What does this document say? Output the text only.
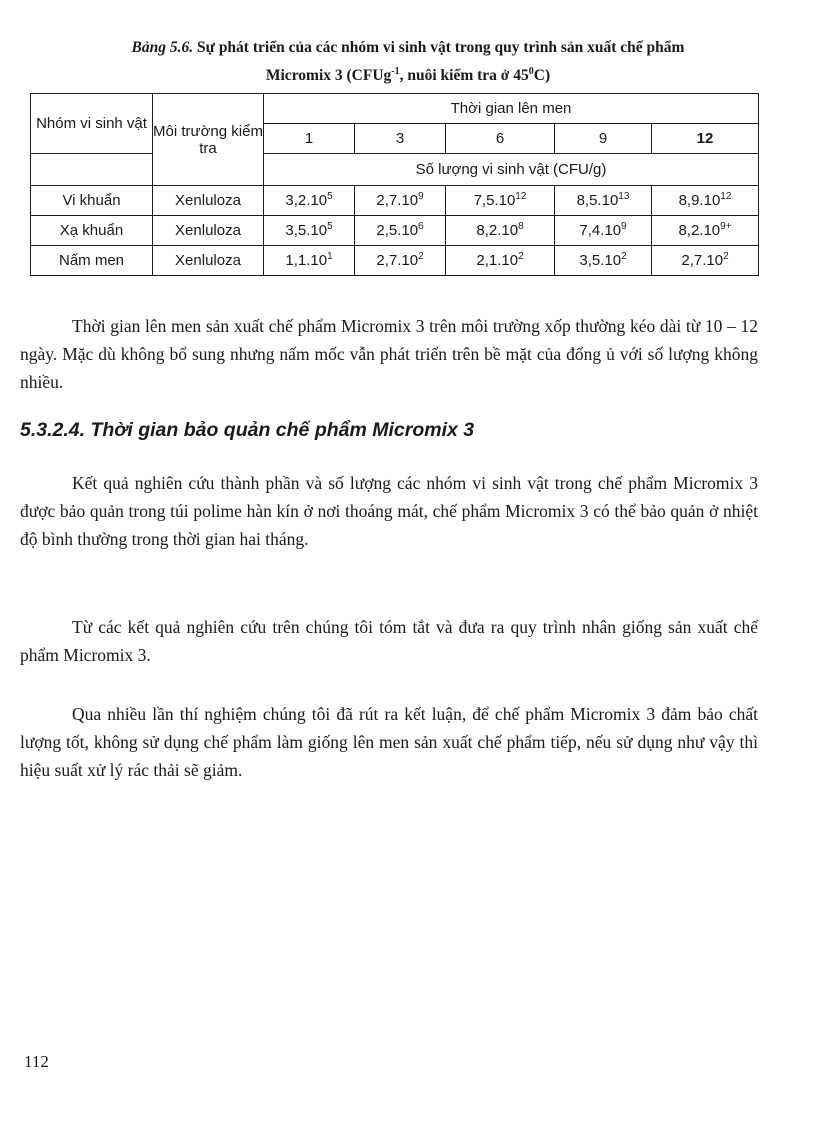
Bảng 5.6. Sự phát triển của các nhóm vi sinh vật trong quy trình sản xuất chế phẩm
Micromix 3 (CFUg$^{-1}$, nuôi kiểm tra ở $45^0C$)
Nhóm vi sinh vật	Môi trường kiểm tra	Thời gian lên men				
		1	3	6	9	12
		Số lượng vi sinh vật (CFU/g)				
Vi khuẩn	Xenluloza	3,2.10$^5$	2,7.10$^9$	7,5.10$^{12}$	8,5.10$^{13}$	8,9.10$^{12}$
Xạ khuẩn	Xenluloza	3,5.10$^5$	2,5.10$^6$	8,2.10$^8$	7,4.10$^9$	$8,2.10^{9+}$
Nấm men	Xenluloza	1,1.10$^1$	2,7.10$^2$	2,1.10$^2$	3,5.10$^2$	2,7.10$^2$

Thời gian lên men sản xuất chế phẩm Micromix 3 trên môi trường xốp thường kéo dài từ 10 – 12 ngày. Mặc dù không bổ sung nhưng nấm mốc vẫn phát triển trên bề mặt của đống ủ với số lượng không nhiều.

5.3.2.4. Thời gian bảo quản chế phẩm Micromix 3

Kết quả nghiên cứu thành phần và số lượng các nhóm vi sinh vật trong chế phẩm Micromix 3 được bảo quản trong túi polime hàn kín ở nơi thoáng mát, chế phẩm Micromix 3 có thể bảo quản ở nhiệt độ bình thường trong thời gian hai tháng.

Từ các kết quả nghiên cứu trên chúng tôi tóm tắt và đưa ra quy trình nhân giống sản xuất chế phẩm Micromix 3.

Qua nhiều lần thí nghiệm chúng tôi đã rút ra kết luận, để chế phẩm Micromix 3 đảm bảo chất lượng tốt, không sử dụng chế phẩm làm giống lên men sản xuất chế phẩm tiếp, nếu sử dụng như vậy thì hiệu suất xử lý rác thải sẽ giảm.

112
